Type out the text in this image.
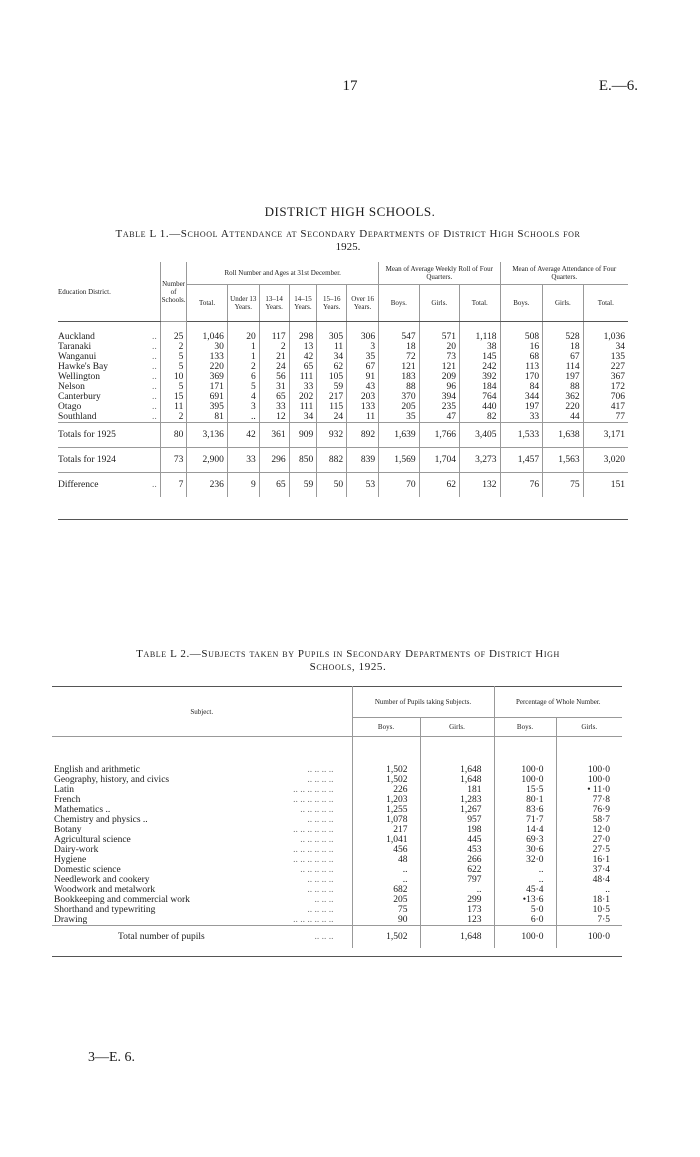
17	E.—6.
DISTRICT HIGH SCHOOLS.
Table L 1.—School Attendance at Secondary Departments of District High Schools for
1925.
Education District.	Number of Schools.	Roll Number and Ages at 31st December.						Mean of Average Weekly Roll of Four Quarters.			Mean of Average Attendance of Four Quarters.		
		Total.	Under 13 Years.	13–14 Years.	14–15 Years.	15–16 Years.	Over 16 Years.	Boys.	Girls.	Total.	Boys.	Girls.	Total.
Auckland ..	25	1,046	20	117	298	305	306	547	571	1,118	508	528	1,036
Taranaki ..	2	30	1	2	13	11	3	18	20	38	16	18	34
Wanganui ..	5	133	1	21	42	34	35	72	73	145	68	67	135
Hawke's Bay ..	5	220	2	24	65	62	67	121	121	242	113	114	227
Wellington ..	10	369	6	56	111	105	91	183	209	392	170	197	367
Nelson ..	5	171	5	31	33	59	43	88	96	184	84	88	172
Canterbury ..	15	691	4	65	202	217	203	370	394	764	344	362	706
Otago ..	11	395	3	33	111	115	133	205	235	440	197	220	417
Southland ..	2	81	..	12	34	24	11	35	47	82	33	44	77
Totals for 1925	80	3,136	42	361	909	932	892	1,639	1,766	3,405	1,533	1,638	3,171
Totals for 1924	73	2,900	33	296	850	882	839	1,569	1,704	3,273	1,457	1,563	3,020
Difference ..	7	236	9	65	59	50	53	70	62	132	76	75	151
Table L 2.—Subjects taken by Pupils in Secondary Departments of District High
Schools, 1925.
Subject.	Number of Pupils taking Subjects.		Percentage of Whole Number.	
	Boys.	Girls.	Boys.	Girls.
English and arithmetic .. .. .. ..	1,502	1,648	100·0	100·0
Geography, history, and civics .. .. .. ..	1,502	1,648	100·0	100·0
Latin .. .. .. .. .. ..	226	181	15·5	• 11·0
French .. .. .. .. .. ..	1,203	1,283	80·1	77·8
Mathematics .. .. .. .. .. ..	1,255	1,267	83·6	76·9
Chemistry and physics .. .. .. .. ..	1,078	957	71·7	58·7
Botany .. .. .. .. .. ..	217	198	14·4	12·0
Agricultural science .. .. .. .. ..	1,041	445	69·3	27·0
Dairy-work .. .. .. .. .. ..	456	453	30·6	27·5
Hygiene .. .. .. .. .. ..	48	266	32·0	16·1
Domestic science .. .. .. .. ..	..	622	..	37·4
Needlework and cookery .. .. .. ..	..	797	..	48·4
Woodwork and metalwork .. .. .. ..	682	..	45·4	..
Bookkeeping and commercial work .. .. ..	205	299	•13·6	18·1
Shorthand and typewriting .. .. .. ..	75	173	5·0	10·5
Drawing .. .. .. .. .. ..	90	123	6·0	7·5
Total number of pupils .. .. ..	1,502	1,648	100·0	100·0
3—E. 6.
